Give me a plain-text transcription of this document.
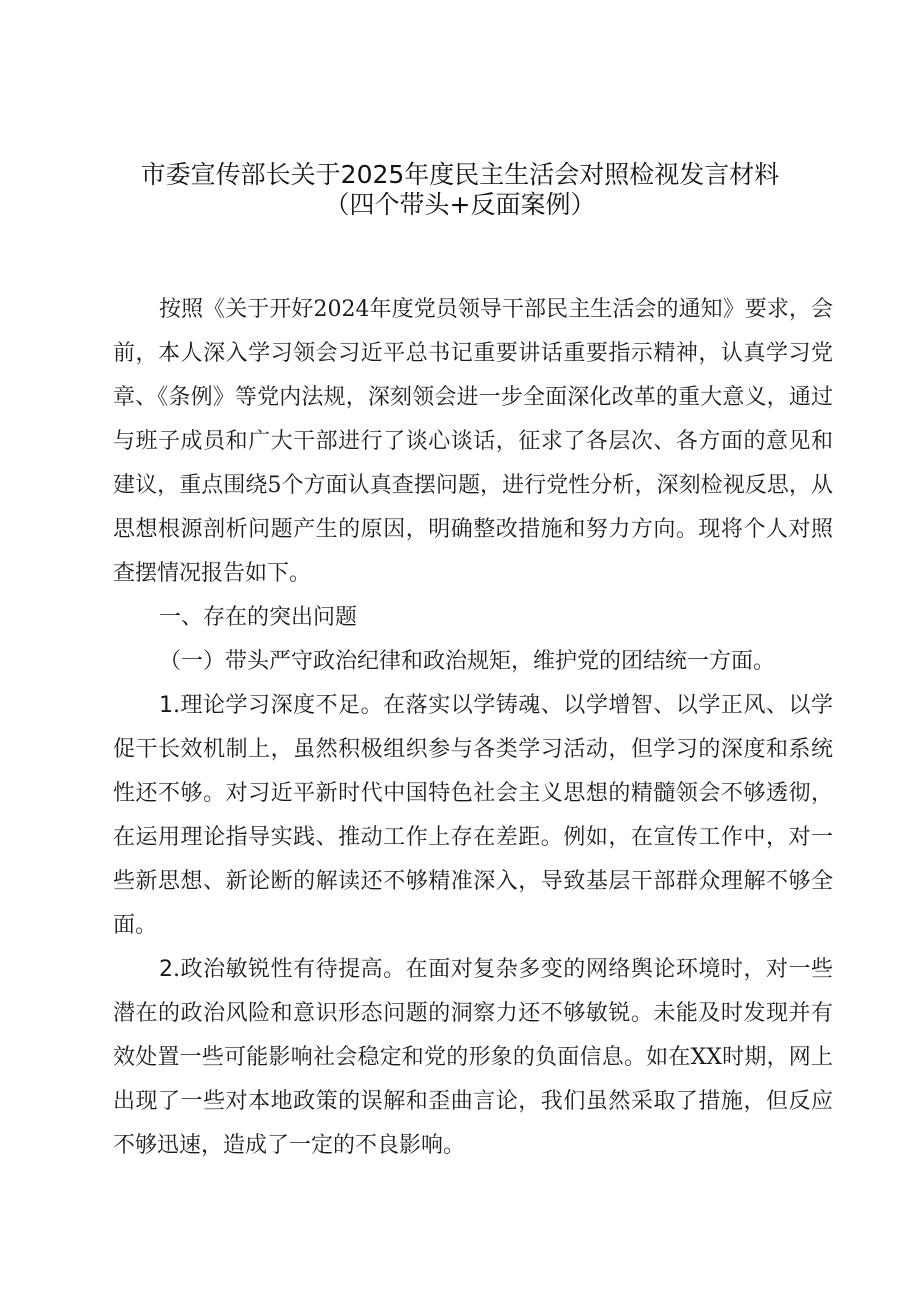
市委宣传部长关于2025年度民主生活会对照检视发言材料
（四个带头+反面案例）

按照《关于开好2024年度党员领导干部民主生活会的通知》要求，会前，本人深入学习领会习近平总书记重要讲话重要指示精神，认真学习党章、《条例》等党内法规，深刻领会进一步全面深化改革的重大意义，通过与班子成员和广大干部进行了谈心谈话，征求了各层次、各方面的意见和建议，重点围绕5个方面认真查摆问题，进行党性分析，深刻检视反思，从思想根源剖析问题产生的原因，明确整改措施和努力方向。现将个人对照查摆情况报告如下。

一、存在的突出问题

（一）带头严守政治纪律和政治规矩，维护党的团结统一方面。

1.理论学习深度不足。在落实以学铸魂、以学增智、以学正风、以学促干长效机制上，虽然积极组织参与各类学习活动，但学习的深度和系统性还不够。对习近平新时代中国特色社会主义思想的精髓领会不够透彻，在运用理论指导实践、推动工作上存在差距。例如，在宣传工作中，对一些新思想、新论断的解读还不够精准深入，导致基层干部群众理解不够全面。

2.政治敏锐性有待提高。在面对复杂多变的网络舆论环境时，对一些潜在的政治风险和意识形态问题的洞察力还不够敏锐。未能及时发现并有效处置一些可能影响社会稳定和党的形象的负面信息。如在XX时期，网上出现了一些对本地政策的误解和歪曲言论，我们虽然采取了措施，但反应不够迅速，造成了一定的不良影响。
